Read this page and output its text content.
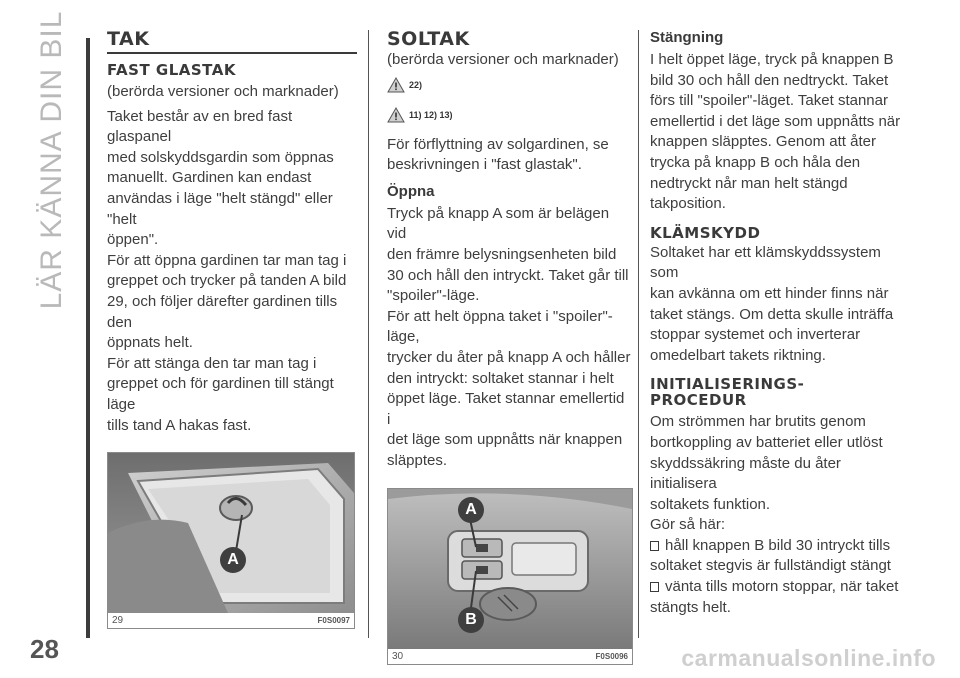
LÄR KÄNNA DIN BIL
28	carmanualsonline.info
TAK
FAST GLASTAK

(berörda versioner och marknader)

Taket består av en bred fast glaspanel

med solskyddsgardin som öppnas

manuellt. Gardinen kan endast

användas i läge "helt stängd" eller "helt

öppen".

För att öppna gardinen tar man tag i

greppet och trycker på tanden A bild

29, och följer därefter gardinen tills den

öppnats helt.

För att stänga den tar man tag i

greppet och för gardinen till stängt läge

tills tand A hakas fast.

A
29	F0S0097
SOLTAK

(berörda versioner och marknader)

22)
11) 12) 13)

För förflyttning av solgardinen, se

beskrivningen i "fast glastak".

Öppna

Tryck på knapp A som är belägen vid

den främre belysningsenheten bild

30 och håll den intryckt. Taket går till

"spoiler"-läge.

För att helt öppna taket i "spoiler"-läge,

trycker du åter på knapp A och håller

den intryckt: soltaket stannar i helt

öppet läge. Taket stannar emellertid i

det läge som uppnåtts när knappen

släpptes.

A
B
30	F0S0096
Stängning

I helt öppet läge, tryck på knappen B

bild 30 och håll den nedtryckt. Taket

förs till "spoiler"-läget. Taket stannar

emellertid i det läge som uppnåtts när

knappen släpptes. Genom att åter

trycka på knapp B och håla den

nedtryckt når man helt stängd

takposition.

KLÄMSKYDD

Soltaket har ett klämskyddssystem som

kan avkänna om ett hinder finns när

taket stängs. Om detta skulle inträffa

stoppar systemet och inverterar

omedelbart takets riktning.

INITIALISERINGS-
PROCEDUR

Om strömmen har brutits genom

bortkoppling av batteriet eller utlöst

skyddssäkring måste du åter initialisera

soltakets funktion.

Gör så här:

håll knappen B bild 30 intryckt tills

soltaket stegvis är fullständigt stängt

vänta tills motorn stoppar, när taket

stängts helt.
